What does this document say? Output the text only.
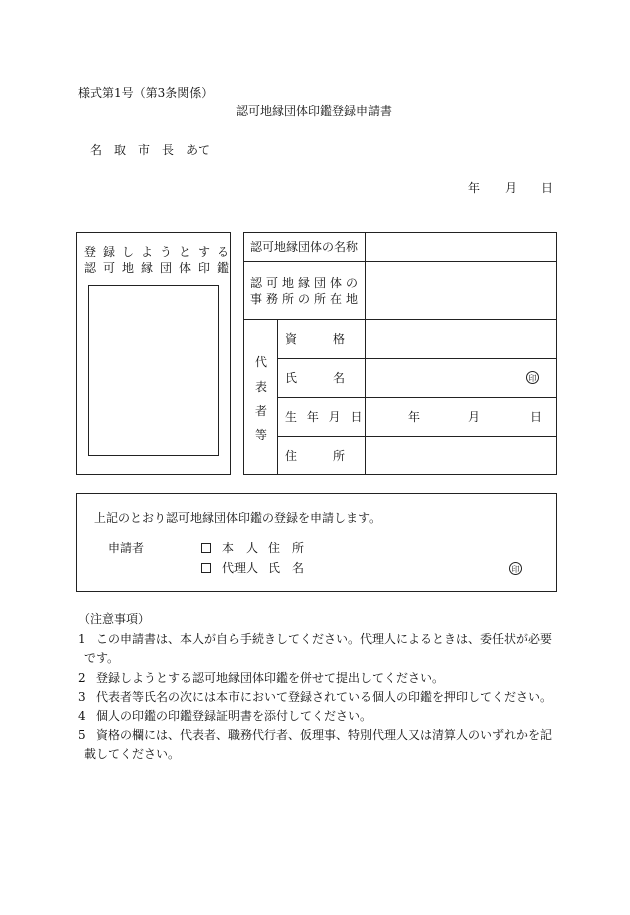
様式第1号（第3条関係）
認可地縁団体印鑑登録申請書
名　取　市　長　あて
年 月 日
登録しようとする
認可地縁団体印鑑
認可地縁団体の名称
認可地縁団体の
事務所の所在地
代
表
者
等
資　　　格
氏　　　名	印
生 年 月 日	年	月	日
住　　　所
上記のとおり認可地縁団体印鑑の登録を申請します。
申請者	本　人 住　所
代理人 氏　名	印
（注意事項）
1 この申請書は、本人が自ら手続きしてください。代理人によるときは、委任状が必要
です。
2 登録しようとする認可地縁団体印鑑を併せて提出してください。
3 代表者等氏名の次には本市において登録されている個人の印鑑を押印してください。
4 個人の印鑑の印鑑登録証明書を添付してください。
5 資格の欄には、代表者、職務代行者、仮理事、特別代理人又は清算人のいずれかを記
載してください。
